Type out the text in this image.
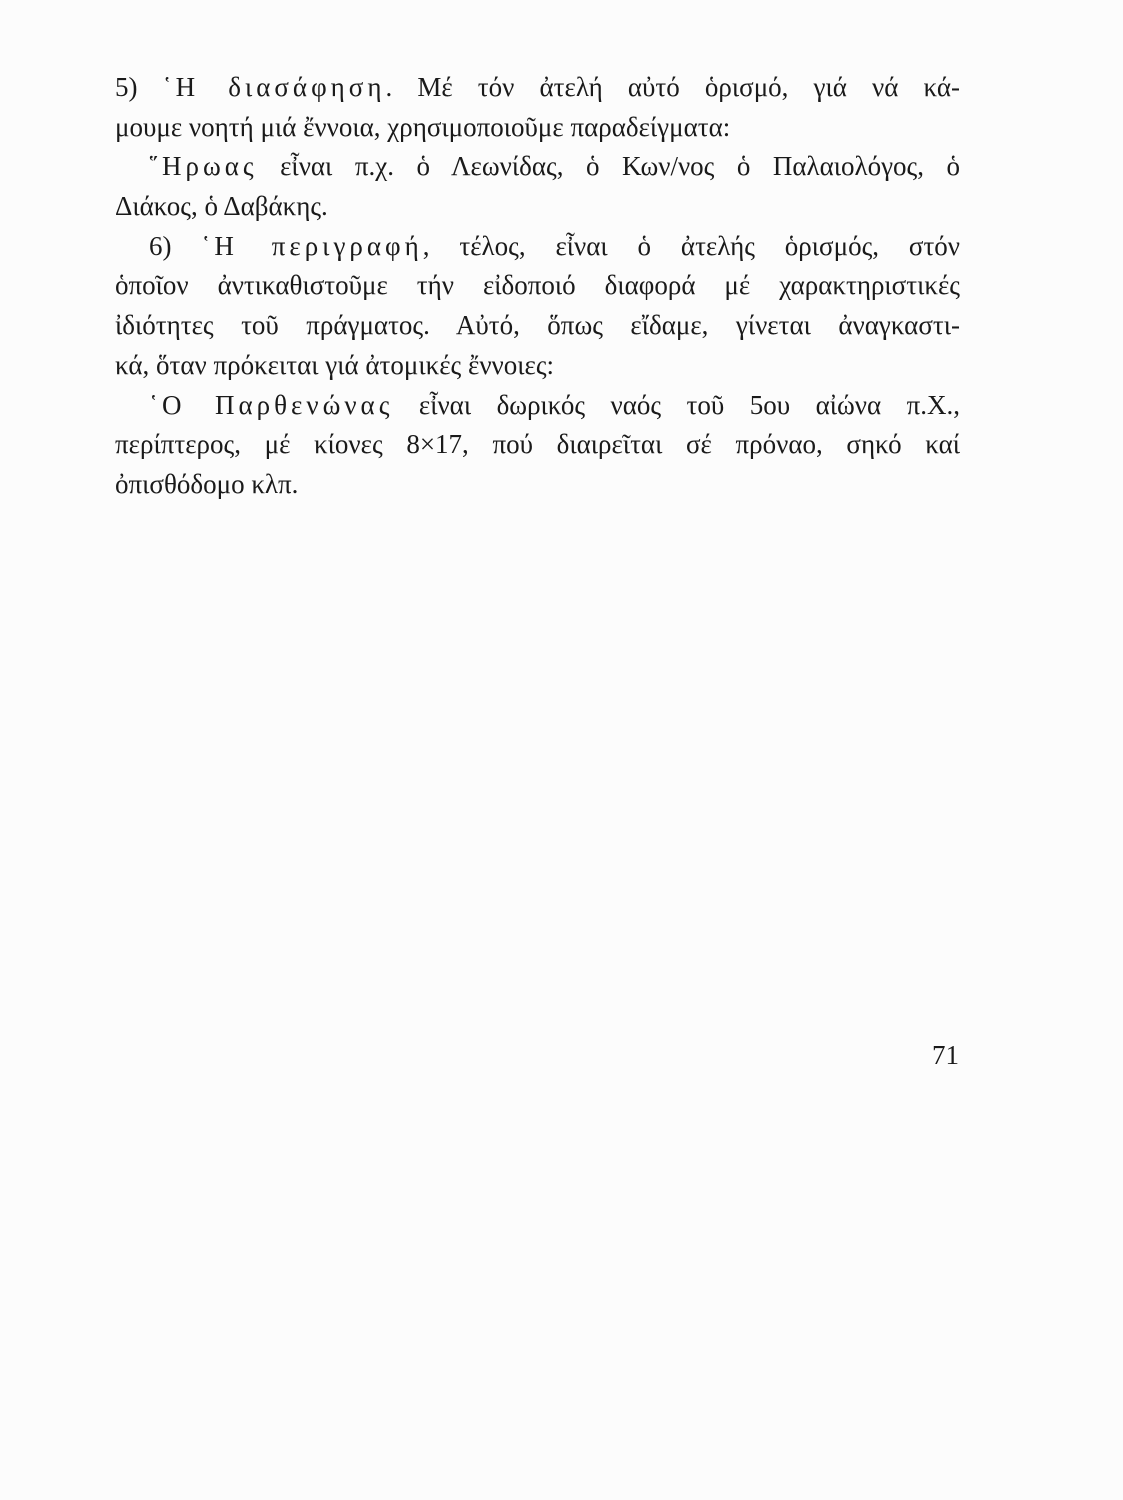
5) ῾Η διασάφηση. Μέ τόν ἀτελή αὐτό ὁρισμό, γιά νά κά-
μουμε νοητή μιά ἔννοια, χρησιμοποιοῦμε παραδείγματα:
῞Ηρωας εἶναι π.χ. ὁ Λεωνίδας, ὁ Κων/νος ὁ Παλαιολόγος, ὁ
Διάκος, ὁ Δαβάκης.
6) ῾Η περιγραφή, τέλος, εἶναι ὁ ἀτελής ὁρισμός, στόν
ὁποῖον ἀντικαθιστοῦμε τήν εἰδοποιό διαφορά μέ χαρακτηριστικές
ἰδιότητες τοῦ πράγματος. Αὐτό, ὅπως εἴδαμε, γίνεται ἀναγκαστι-
κά, ὅταν πρόκειται γιά ἀτομικές ἔννοιες:
῾Ο Παρθενώνας εἶναι δωρικός ναός τοῦ 5ου αἰώνα π.Χ.,
περίπτερος, μέ κίονες 8×17, πού διαιρεῖται σέ πρόναο, σηκό καί
ὀπισθόδομο κλπ.
71
